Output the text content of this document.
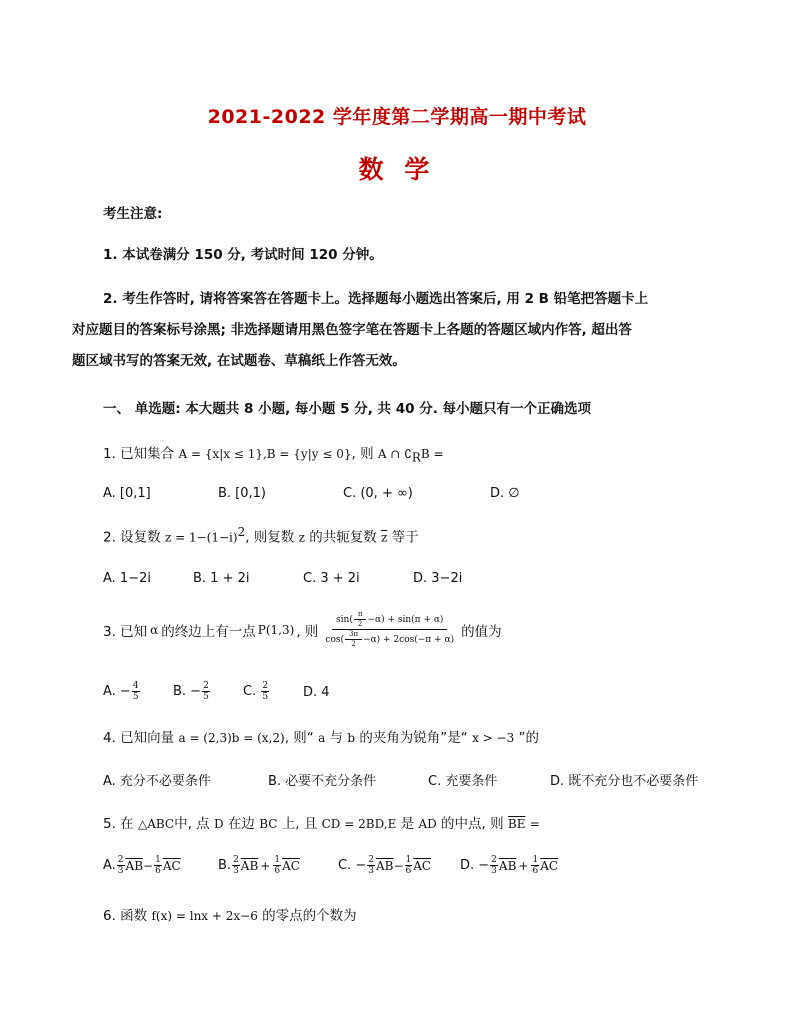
2021-2022 学年度第二学期高一期中考试
数 学
考生注意:
1. 本试卷满分 150 分, 考试时间 120 分钟。
2. 考生作答时, 请将答案答在答题卡上。选择题每小题选出答案后, 用 2 B 铅笔把答题卡上
对应题目的答案标号涂黑; 非选择题请用黑色签字笔在答题卡上各题的答题区域内作答, 超出答
题区域书写的答案无效, 在试题卷、草稿纸上作答无效。
一、 单选题: 本大题共 8 小题, 每小题 5 分, 共 40 分. 每小题只有一个正确选项
1. 已知集合 A = {x|x ≤ 1},B = {y|y ≤ 0}, 则 A ∩ $∁_RB$ =
A. [0,1]	B. [0,1)	C. (0, + ∞)	D. ∅
2. 设复数 $z = 1-(1-i)^2$, 则复数 z 的共轭复数 $\overline{z}$ 等于
A. 1−2i	B. 1 + 2i	C. 3 + 2i	D. 3−2i
3. 已知 α 的终边上有一点 P(1,3) , 则 $\frac{\sin( \frac{\pi}{2} -\alpha) + \sin(\pi + \alpha)}{\cos( \frac{3\pi}{2} -\alpha) + 2\cos(-\pi + \alpha)}$ 的值为
A. − $\frac{4}{5}$	B. − $\frac{2}{5}$	C. $\frac{2}{5}$	D. 4
4. 已知向量 a = (2,3)b = (x,2), 则“ a 与 b 的夹角为锐角”是“ x > −3 ”的
A. 充分不必要条件	B. 必要不充分条件	C. 充要条件	D. 既不充分也不必要条件
5. 在 △ABC中, 点 D 在边 BC 上, 且 CD = 2BD,E 是 AD 的中点, 则 $\overline{BE}$ =
A. $\frac{2}{3} \overline{AB} - \frac{1}{6} \overline{AC}$	B. $\frac{2}{3} \overline{AB} + \frac{1}{6} \overline{AC}$	C. − $\frac{2}{3} \overline{AB} - \frac{1}{6} \overline{AC}$ D. − $\frac{2}{3} \overline{AB} + \frac{1}{6} \overline{AC}$
6. 函数 f(x) = lnx + 2x−6 的零点的个数为
